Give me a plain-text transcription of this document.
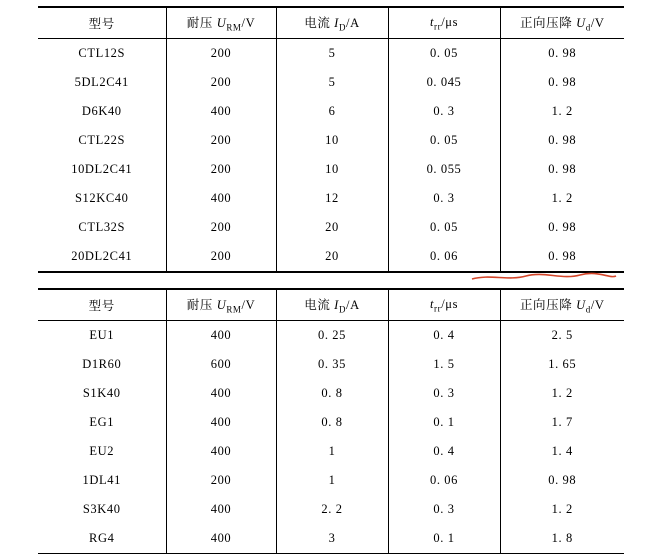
型号	耐压 $U_{RM}/V$	电流 $I_D/A$	$t_{rr}/\mu s$	正向压降 $U_d/V$
CTL12S	200	5	0. 05	0. 98
5DL2C41	200	5	0. 045	0. 98
D6K40	400	6	0. 3	1. 2
CTL22S	200	10	0. 05	0. 98
10DL2C41	200	10	0. 055	0. 98
S12KC40	400	12	0. 3	1. 2
CTL32S	200	20	0. 05	0. 98
20DL2C41	200	20	0. 06	0. 98
型号	耐压 $U_{RM}/V$	电流 $I_D/A$	$t_{rr}/\mu s$	正向压降 $U_d/V$
EU1	400	0. 25	0. 4	2. 5
D1R60	600	0. 35	1. 5	1. 65
S1K40	400	0. 8	0. 3	1. 2
EG1	400	0. 8	0. 1	1. 7
EU2	400	1	0. 4	1. 4
1DL41	200	1	0. 06	0. 98
S3K40	400	2. 2	0. 3	1. 2
RG4	400	3	0. 1	1. 8
